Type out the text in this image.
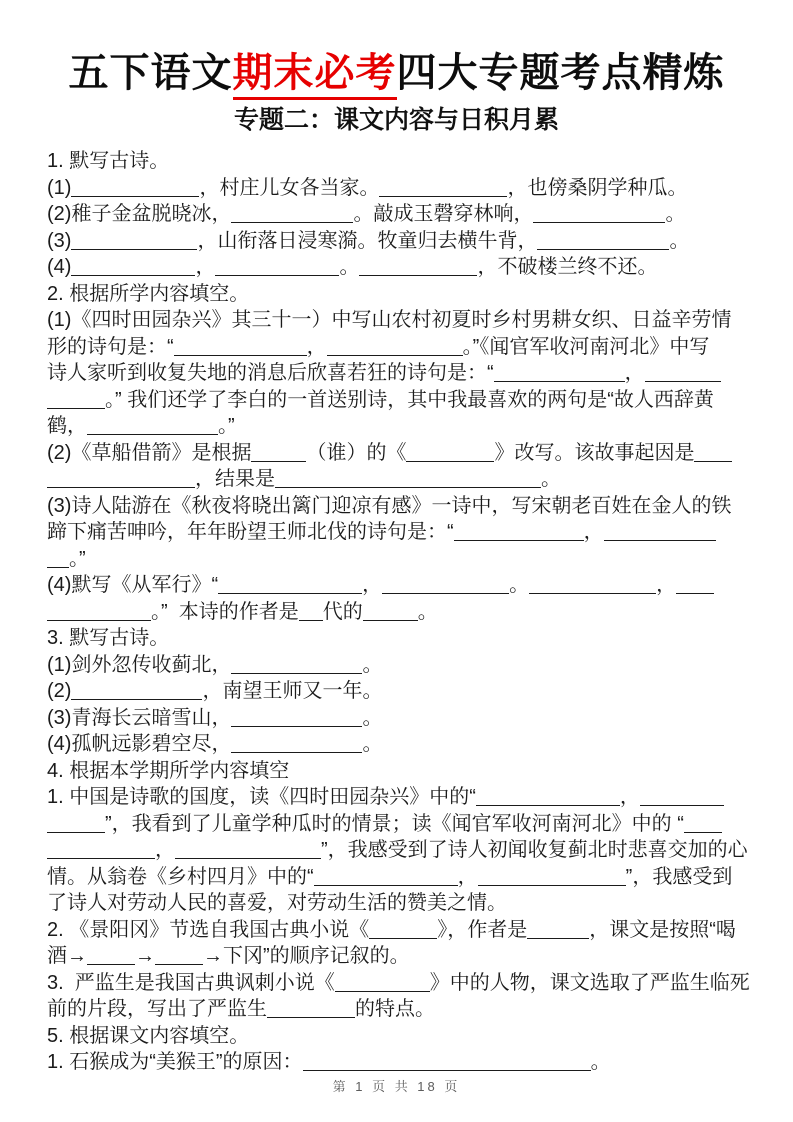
五下语文期末必考四大专题考点精炼
专题二：课文内容与日积月累
1. 默写古诗。
(1)	，村庄儿女各当家。	，也傍桑阴学种瓜。
(2)稚子金盆脱晓冰，	。敲成玉磬穿林响，	。
(3)	，山衔落日浸寒漪。牧童归去横牛背，	。
(4)	，	。	，不破楼兰终不还。
2. 根据所学内容填空。
(1)《四时田园杂兴》其三十一）中写山农村初夏时乡村男耕女织、日益辛劳情
形的诗句是：“	，	。”《闻官军收河南河北》中写
诗人家听到收复失地的消息后欣喜若狂的诗句是：“	，
。” 我们还学了李白的一首送别诗，其中我最喜欢的两句是“故人西辞黄
鹤，	。”
(2)《草船借箭》是根据	（谁）的《	》改写。该故事起因是
，结果是	。
(3)诗人陆游在《秋夜将晓出篱门迎凉有感》一诗中，写宋朝老百姓在金人的铁
蹄下痛苦呻吟，年年盼望王师北伐的诗句是：“	，
。”
(4)默写《从军行》“	，	。	，
。”  本诗的作者是 代的	。
3. 默写古诗。
(1)剑外忽传收蓟北，	。
(2)	，南望王师又一年。
(3)青海长云暗雪山，	。
(4)孤帆远影碧空尽，	。
4. 根据本学期所学内容填空
1. 中国是诗歌的国度，读《四时田园杂兴》中的“	，
”，我看到了儿童学种瓜时的情景；读《闻官军收河南河北》中的 “
，	”，我感受到了诗人初闻收复蓟北时悲喜交加的心
情。从翁卷《乡村四月》中的“	，	”，我感受到
了诗人对劳动人民的喜爱，对劳动生活的赞美之情。
2. 《景阳冈》节选自我国古典小说《	》，作者是	，课文是按照“喝
酒→ → →下冈”的顺序记叙的。
3.  严监生是我国古典讽刺小说《	》中的人物，课文选取了严监生临死
前的片段，写出了严监生	的特点。
5. 根据课文内容填空。
1. 石猴成为“美猴王”的原因：	。
第 1 页 共 18 页
